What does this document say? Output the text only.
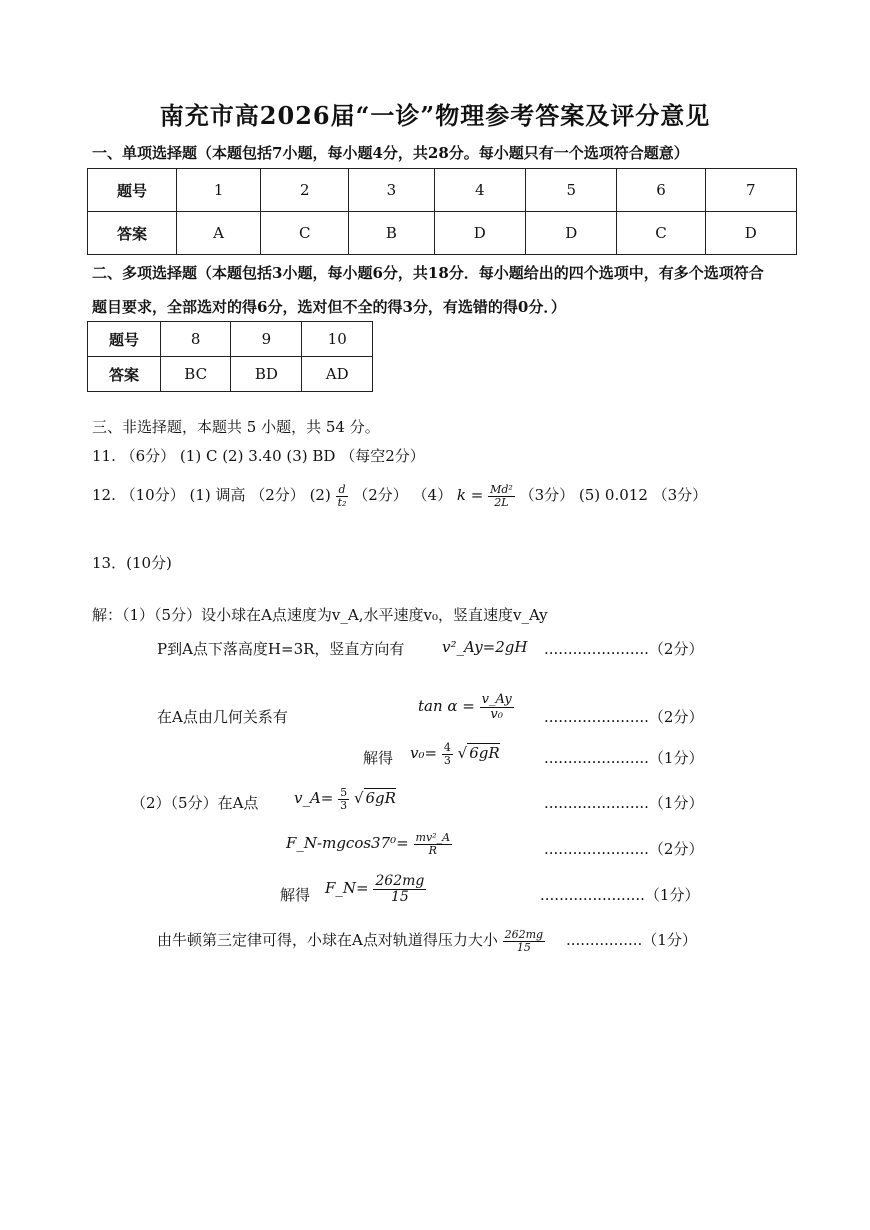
南充市高2026届“一诊”物理参考答案及评分意见
一、单项选择题（本题包括7小题，每小题4分，共28分。每小题只有一个选项符合题意）
题号	1	2	3	4	5	6	7
答案	A	C	B	D	D	C	D
二、多项选择题（本题包括3小题，每小题6分，共18分．每小题给出的四个选项中，有多个选项符合
题目要求，全部选对的得6分，选对但不全的得3分，有选错的得0分．）
题号	8	9	10
答案	BC	BD	AD
三、非选择题，本题共 5 小题，共 54 分。
11. （6分） (1) C (2) 3.40 (3) BD （每空2分）
12. （10分） (1) 调高 （2分） $(2) \frac{d}{\text{t₂}} (2$分） （4） $k = \frac{\text{Md²}}{2L} (3$分） (5) 0.012 （3分）
13．(10分)
解：（1）（5分）设小球在A点速度为v_A,水平速度v₀，竖直速度v_Ay
P到A点下落高度H=3R，竖直方向有	v²_Ay=2gH ......................（2分）
在A点由几何关系有
$\tan \alpha = \frac{v\_Ay}{\text{v₀}} ......................(2$分）
解得 $v_0= \frac{4}{3}$ √ 6gR	......................（1分）
（2）（5分）在A点 v_A= $\frac{5}{3}$ √ 6gR	......................（1分）
F_N-mgcos37⁰= $\frac{\text{mv²\_A}}{R}$	......................（2分）
解得 F_N= $\frac{262mg}{15}$	......................（1分）
由牛顿第三定律可得，小球在A点对轨道得压力大小 $\frac{262mg}{15} ................(1$分）
